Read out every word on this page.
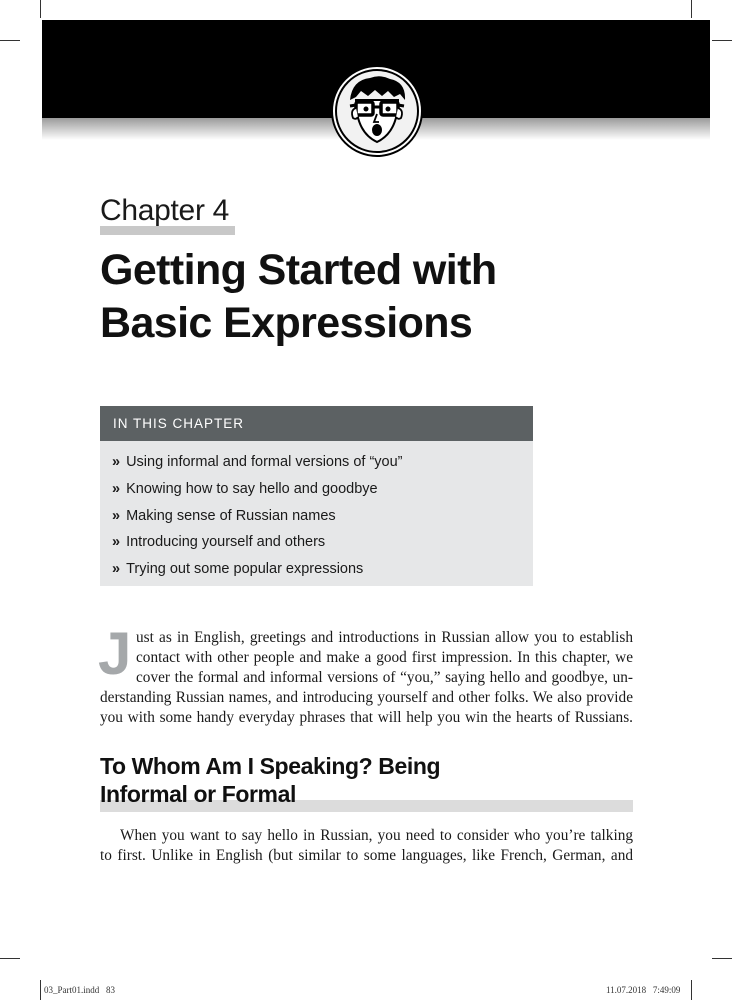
Chapter 4
Getting Started with
Basic Expressions
IN THIS CHAPTER
» Using informal and formal versions of “you”
» Knowing how to say hello and goodbye
» Making sense of Russian names
» Introducing yourself and others
» Trying out some popular expressions
J ust as in English, greetings and introductions in Russian allow you to establish
contact with other people and make a good first impression. In this chapter, we
cover the formal and informal versions of “you,” saying hello and goodbye, un-
derstanding Russian names, and introducing yourself and other folks. We also provide
you with some handy everyday phrases that will help you win the hearts of Russians.
To Whom Am I Speaking? Being
Informal or Formal
When you want to say hello in Russian, you need to consider who you’re talking
to first. Unlike in English (but similar to some languages, like French, German, and
03_Part01.indd   83	11.07.2018   7:49:09
